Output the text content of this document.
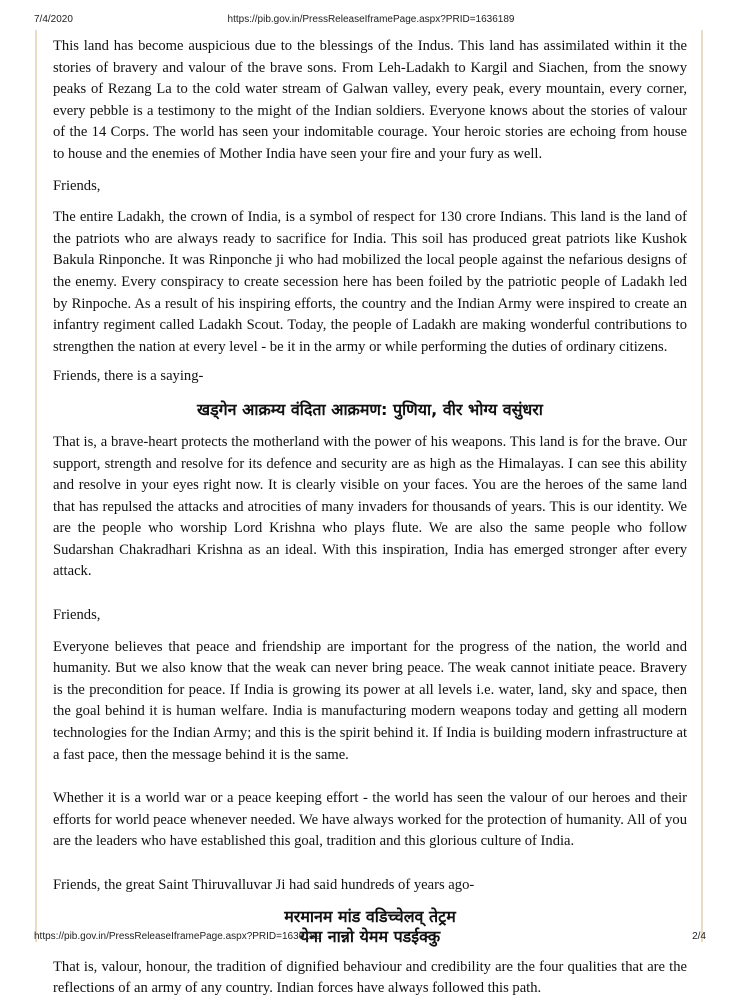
7/4/2020	https://pib.gov.in/PressReleaseIframePage.aspx?PRID=1636189

This land has become auspicious due to the blessings of the Indus. This land has assimilated within it the stories of bravery and valour of the brave sons. From Leh-Ladakh to Kargil and Siachen, from the snowy peaks of Rezang La to the cold water stream of Galwan valley, every peak, every mountain, every corner, every pebble is a testimony to the might of the Indian soldiers. Everyone knows about the stories of valour of the 14 Corps. The world has seen your indomitable courage. Your heroic stories are echoing from house to house and the enemies of Mother India have seen your fire and your fury as well.

Friends,

The entire Ladakh, the crown of India, is a symbol of respect for 130 crore Indians. This land is the land of the patriots who are always ready to sacrifice for India. This soil has produced great patriots like Kushok Bakula Rinponche. It was Rinponche ji who had mobilized the local people against the nefarious designs of the enemy. Every conspiracy to create secession here has been foiled by the patriotic people of Ladakh led by Rinpoche. As a result of his inspiring efforts, the country and the Indian Army were inspired to create an infantry regiment called Ladakh Scout. Today, the people of Ladakh are making wonderful contributions to strengthen the nation at every level - be it in the army or while performing the duties of ordinary citizens.

Friends, there is a saying-

खड्गेन आक्रम्य वंदिता आक्रमण: पुणिया, वीर भोग्य वसुंधरा

That is, a brave-heart protects the motherland with the power of his weapons. This land is for the brave. Our support, strength and resolve for its defence and security are as high as the Himalayas. I can see this ability and resolve in your eyes right now. It is clearly visible on your faces. You are the heroes of the same land that has repulsed the attacks and atrocities of many invaders for thousands of years. This is our identity. We are the people who worship Lord Krishna who plays flute. We are also the same people who follow Sudarshan Chakradhari Krishna as an ideal. With this inspiration, India has emerged stronger after every attack.

Friends,

Everyone believes that peace and friendship are important for the progress of the nation, the world and humanity. But we also know that the weak can never bring peace. The weak cannot initiate peace. Bravery is the precondition for peace. If India is growing its power at all levels i.e. water, land, sky and space, then the goal behind it is human welfare. India is manufacturing modern weapons today and getting all modern technologies for the Indian Army; and this is the spirit behind it. If India is building modern infrastructure at a fast pace, then the message behind it is the same.

Whether it is a world war or a peace keeping effort - the world has seen the valour of our heroes and their efforts for world peace whenever needed. We have always worked for the protection of humanity. All of you are the leaders who have established this goal, tradition and this glorious culture of India.

Friends, the great Saint Thiruvalluvar Ji had said hundreds of years ago-

मरमानम मांड वडिच्चेलव् तेट्रम

येना नान्नो येमम पडईक्कु

That is, valour, honour, the tradition of dignified behaviour and credibility are the four qualities that are the reflections of an army of any country. Indian forces have always followed this path.

https://pib.gov.in/PressReleaseIframePage.aspx?PRID=1636189	2/4
